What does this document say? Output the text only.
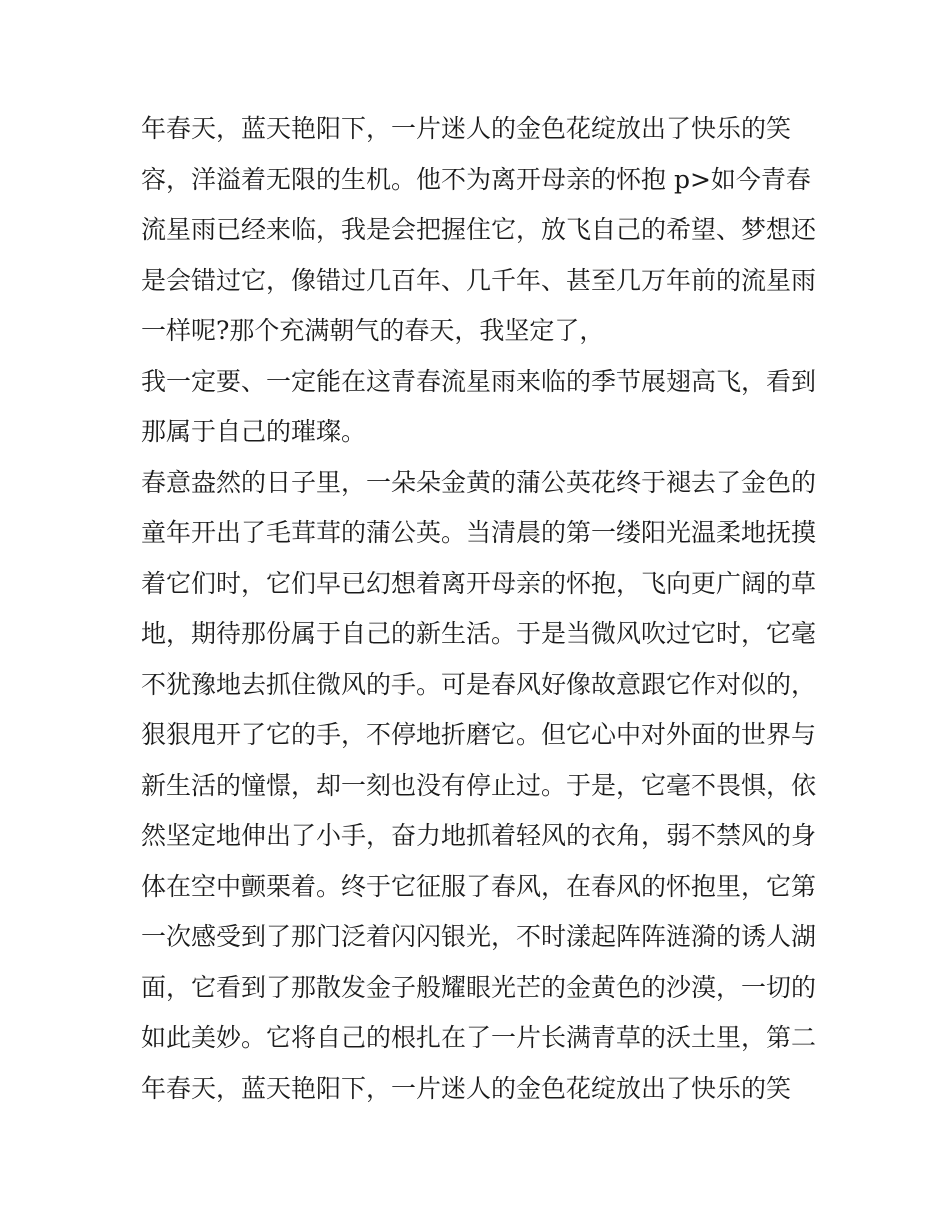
年春天，蓝天艳阳下，一片迷人的金色花绽放出了快乐的笑
容，洋溢着无限的生机。他不为离开母亲的怀抱 p>如今青春
流星雨已经来临，我是会把握住它，放飞自己的希望、梦想还
是会错过它，像错过几百年、几千年、甚至几万年前的流星雨
一样呢?那个充满朝气的春天，我坚定了，
我一定要、一定能在这青春流星雨来临的季节展翅高飞，看到
那属于自己的璀璨。
春意盎然的日子里，一朵朵金黄的蒲公英花终于褪去了金色的
童年开出了毛茸茸的蒲公英。当清晨的第一缕阳光温柔地抚摸
着它们时，它们早已幻想着离开母亲的怀抱，飞向更广阔的草
地，期待那份属于自己的新生活。于是当微风吹过它时，它毫
不犹豫地去抓住微风的手。可是春风好像故意跟它作对似的，
狠狠甩开了它的手，不停地折磨它。但它心中对外面的世界与
新生活的憧憬，却一刻也没有停止过。于是，它毫不畏惧，依
然坚定地伸出了小手，奋力地抓着轻风的衣角，弱不禁风的身
体在空中颤栗着。终于它征服了春风，在春风的怀抱里，它第
一次感受到了那门泛着闪闪银光，不时漾起阵阵涟漪的诱人湖
面，它看到了那散发金子般耀眼光芒的金黄色的沙漠，一切的
如此美妙。它将自己的根扎在了一片长满青草的沃土里，第二
年春天，蓝天艳阳下，一片迷人的金色花绽放出了快乐的笑
